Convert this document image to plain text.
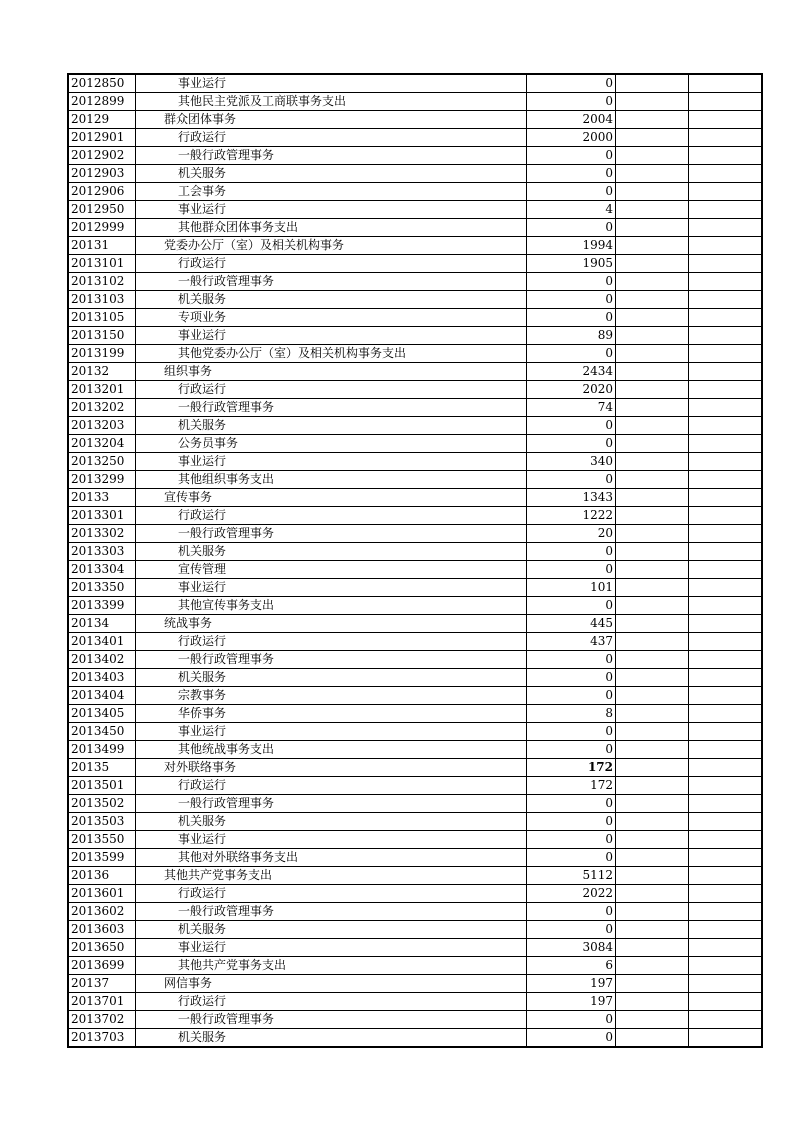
2012850	事业运行	0		
2012899	其他民主党派及工商联事务支出	0		
20129	群众团体事务	2004		
2012901	行政运行	2000		
2012902	一般行政管理事务	0		
2012903	机关服务	0		
2012906	工会事务	0		
2012950	事业运行	4		
2012999	其他群众团体事务支出	0		
20131	党委办公厅（室）及相关机构事务	1994		
2013101	行政运行	1905		
2013102	一般行政管理事务	0		
2013103	机关服务	0		
2013105	专项业务	0		
2013150	事业运行	89		
2013199	其他党委办公厅（室）及相关机构事务支出	0		
20132	组织事务	2434		
2013201	行政运行	2020		
2013202	一般行政管理事务	74		
2013203	机关服务	0		
2013204	公务员事务	0		
2013250	事业运行	340		
2013299	其他组织事务支出	0		
20133	宣传事务	1343		
2013301	行政运行	1222		
2013302	一般行政管理事务	20		
2013303	机关服务	0		
2013304	宣传管理	0		
2013350	事业运行	101		
2013399	其他宣传事务支出	0		
20134	统战事务	445		
2013401	行政运行	437		
2013402	一般行政管理事务	0		
2013403	机关服务	0		
2013404	宗教事务	0		
2013405	华侨事务	8		
2013450	事业运行	0		
2013499	其他统战事务支出	0		
20135	对外联络事务	172		
2013501	行政运行	172		
2013502	一般行政管理事务	0		
2013503	机关服务	0		
2013550	事业运行	0		
2013599	其他对外联络事务支出	0		
20136	其他共产党事务支出	5112		
2013601	行政运行	2022		
2013602	一般行政管理事务	0		
2013603	机关服务	0		
2013650	事业运行	3084		
2013699	其他共产党事务支出	6		
20137	网信事务	197		
2013701	行政运行	197		
2013702	一般行政管理事务	0		
2013703	机关服务	0		
